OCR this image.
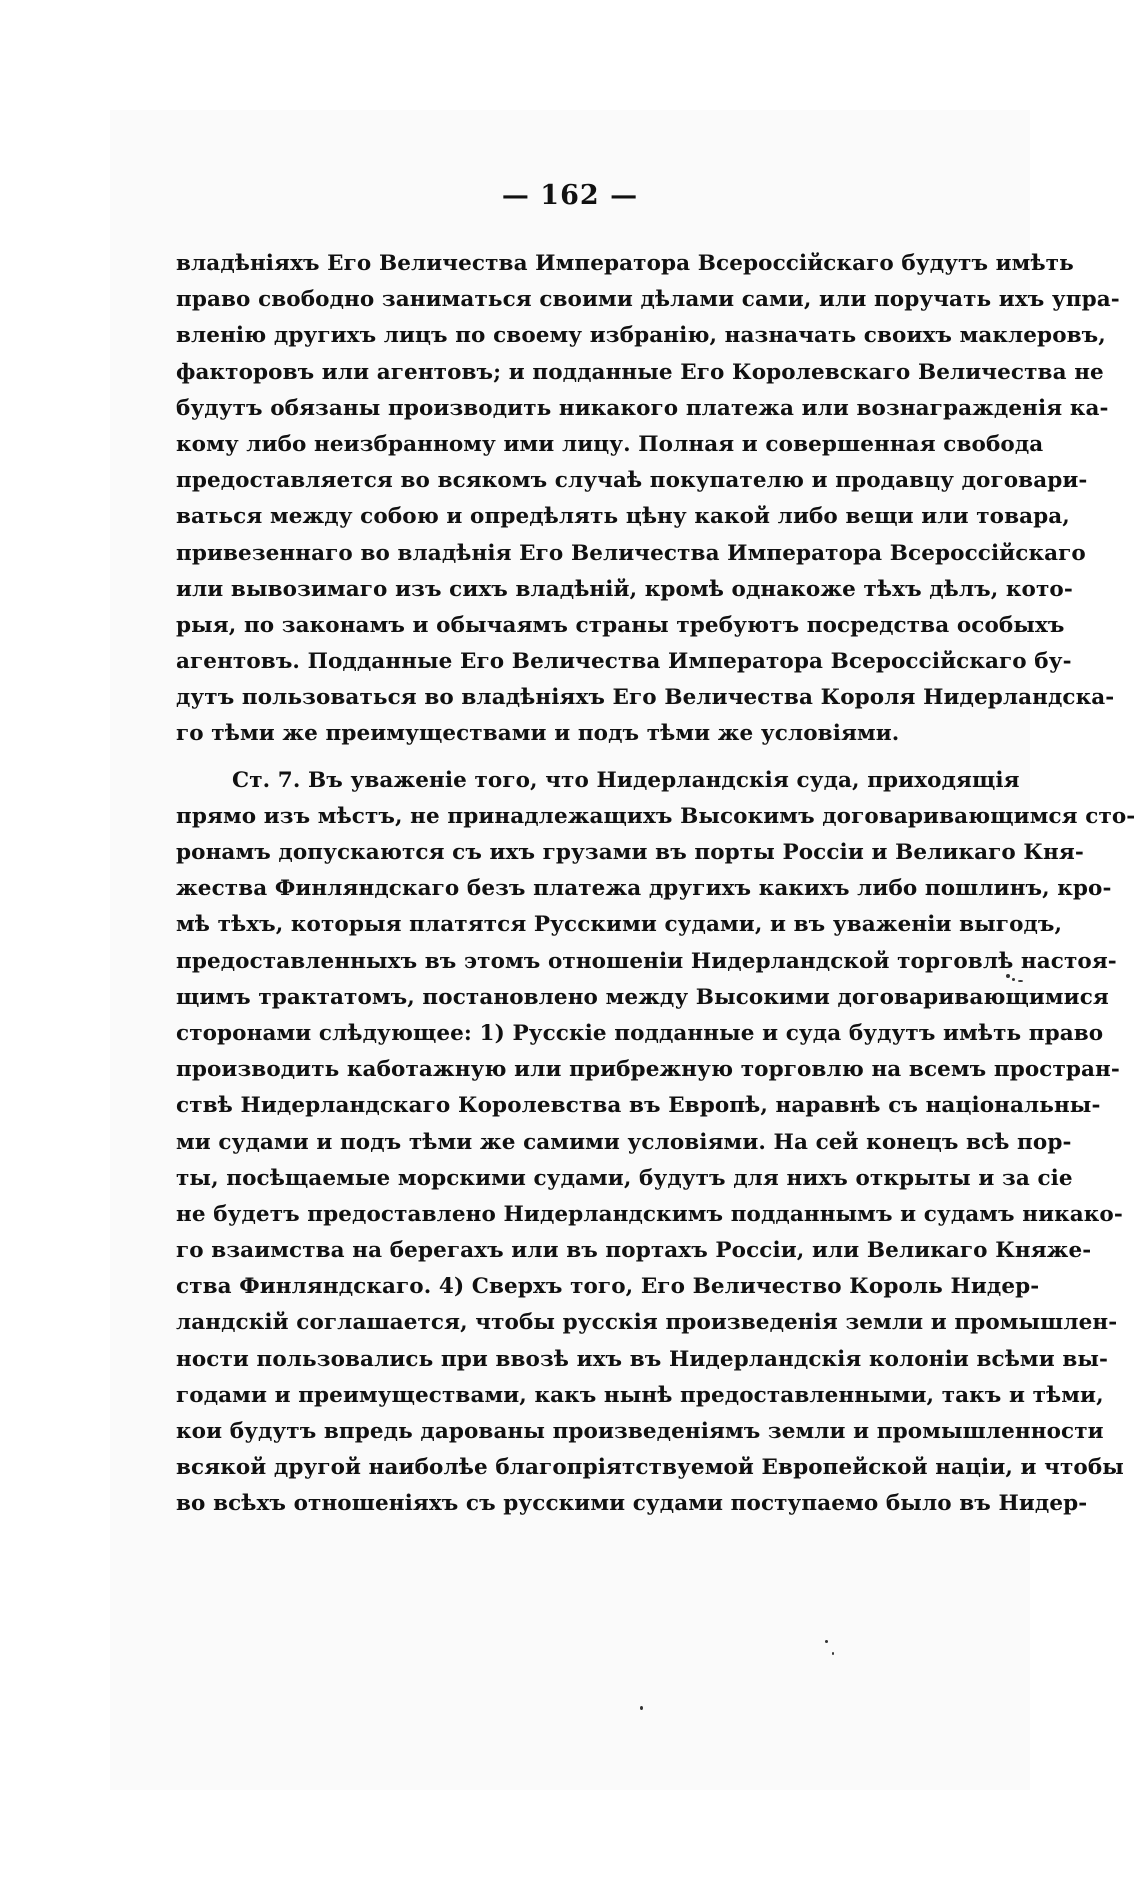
— 162 —
владѣніяхъ Его Величества Императора Всероссійскаго будутъ имѣть
право свободно заниматься своими дѣлами сами, или поручать ихъ упра-
вленію другихъ лицъ по своему избранію, назначать своихъ маклеровъ,
факторовъ или агентовъ; и подданные Его Королевскаго Величества не
будутъ обязаны производить никакого платежа или вознагражденія ка-
кому либо неизбранному ими лицу. Полная и совершенная свобода
предоставляется во всякомъ случаѣ покупателю и продавцу договари-
ваться между собою и опредѣлять цѣну какой либо вещи или товара,
привезеннаго во владѣнія Его Величества Императора Всероссійскаго
или вывозимаго изъ сихъ владѣній, кромѣ однакоже тѣхъ дѣлъ, кото-
рыя, по законамъ и обычаямъ страны требуютъ посредства особыхъ
агентовъ. Подданные Его Величества Императора Всероссійскаго бу-
дутъ пользоваться во владѣніяхъ Его Величества Короля Нидерландска-
го тѣми же преимуществами и подъ тѣми же условіями.
Ст. 7. Въ уваженіе того, что Нидерландскія суда, приходящія
прямо изъ мѣстъ, не принадлежащихъ Высокимъ договаривающимся сто-
ронамъ допускаются съ ихъ грузами въ порты Россіи и Великаго Кня-
жества Финляндскаго безъ платежа другихъ какихъ либо пошлинъ, кро-
мѣ тѣхъ, которыя платятся Русскими судами, и въ уваженіи выгодъ,
предоставленныхъ въ этомъ отношеніи Нидерландской торговлѣ настоя-
щимъ трактатомъ, постановлено между Высокими договаривающимися
сторонами слѣдующее: 1) Русскіе подданные и суда будутъ имѣть право
производить каботажную или прибрежную торговлю на всемъ простран-
ствѣ Нидерландскаго Королевства въ Европѣ, наравнѣ съ національны-
ми судами и подъ тѣми же самими условіями. На сей конецъ всѣ пор-
ты, посѣщаемые морскими судами, будутъ для нихъ открыты и за сіе
не будетъ предоставлено Нидерландскимъ подданнымъ и судамъ никако-
го взаимства на берегахъ или въ портахъ Россіи, или Великаго Княже-
ства Финляндскаго. 4) Сверхъ того, Его Величество Король Нидер-
ландскій соглашается, чтобы русскія произведенія земли и промышлен-
ности пользовались при ввозѣ ихъ въ Нидерландскія колоніи всѣми вы-
годами и преимуществами, какъ нынѣ предоставленными, такъ и тѣми,
кои будутъ впредь дарованы произведеніямъ земли и промышленности
всякой другой наиболѣе благопріятствуемой Европейской націи, и чтобы
во всѣхъ отношеніяхъ съ русскими судами поступаемо было въ Нидер-
